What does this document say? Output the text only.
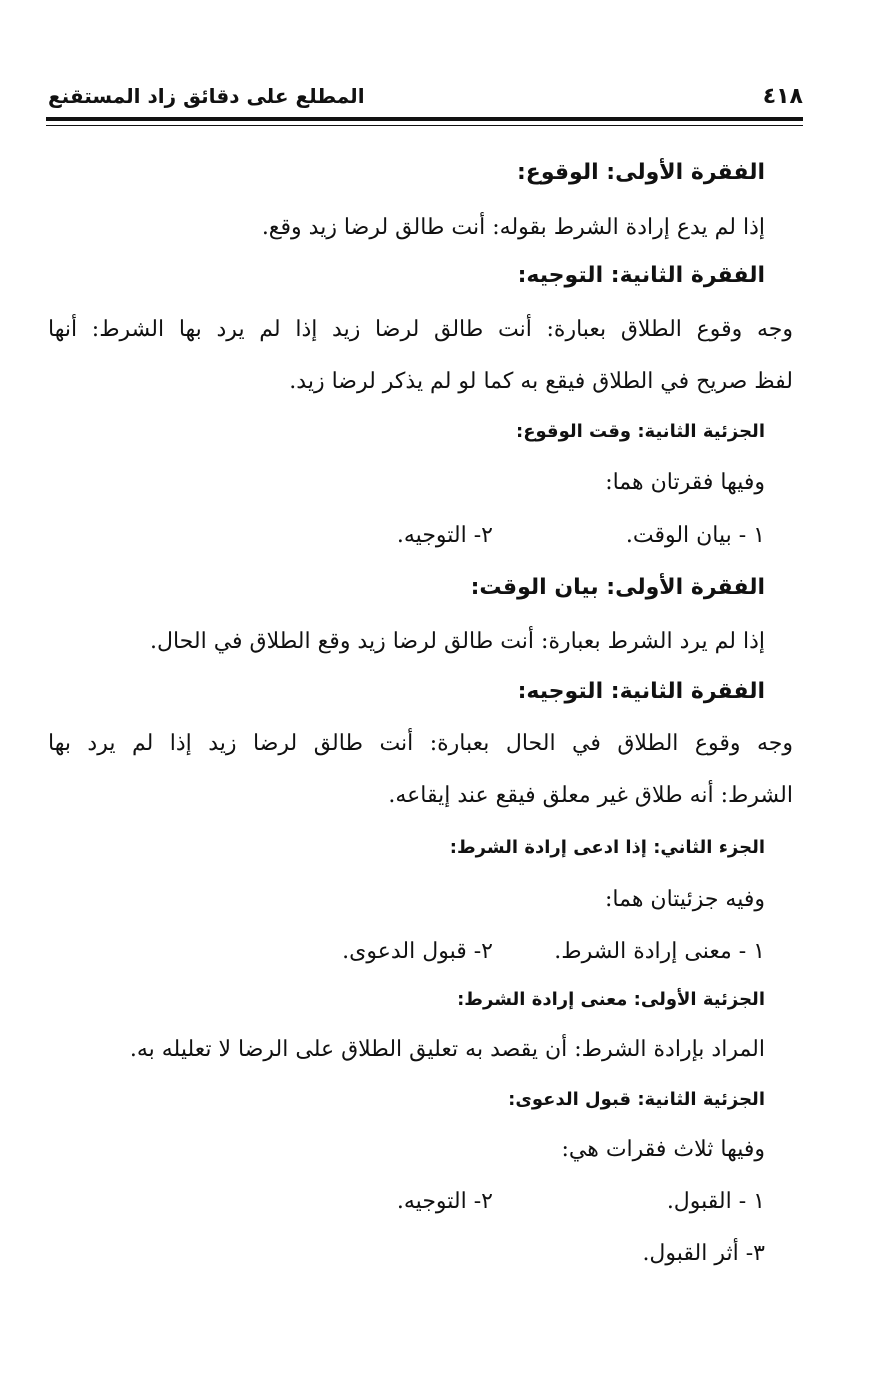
٤١٨
المطلع على دقائق زاد المستقنع
الفقرة الأولى: الوقوع:
إذا لم يدع إرادة الشرط بقوله: أنت طالق لرضا زيد وقع.
الفقرة الثانية: التوجيه:
وجه وقوع الطلاق بعبارة: أنت طالق لرضا زيد إذا لم يرد بها الشرط: أنها
لفظ صريح في الطلاق فيقع به كما لو لم يذكر لرضا زيد.
الجزئية الثانية: وقت الوقوع:
وفيها فقرتان هما:
١ - بيان الوقت.
٢- التوجيه.
الفقرة الأولى: بيان الوقت:
إذا لم يرد الشرط بعبارة: أنت طالق لرضا زيد وقع الطلاق في الحال.
الفقرة الثانية: التوجيه:
وجه وقوع الطلاق في الحال بعبارة: أنت طالق لرضا زيد إذا لم يرد بها
الشرط: أنه طلاق غير معلق فيقع عند إيقاعه.
الجزء الثاني: إذا ادعى إرادة الشرط:
وفيه جزئيتان هما:
١ - معنى إرادة الشرط.
٢- قبول الدعوى.
الجزئية الأولى: معنى إرادة الشرط:
المراد بإرادة الشرط: أن يقصد به تعليق الطلاق على الرضا لا تعليله به.
الجزئية الثانية: قبول الدعوى:
وفيها ثلاث فقرات هي:
١ - القبول.
٢- التوجيه.
٣- أثر القبول.
